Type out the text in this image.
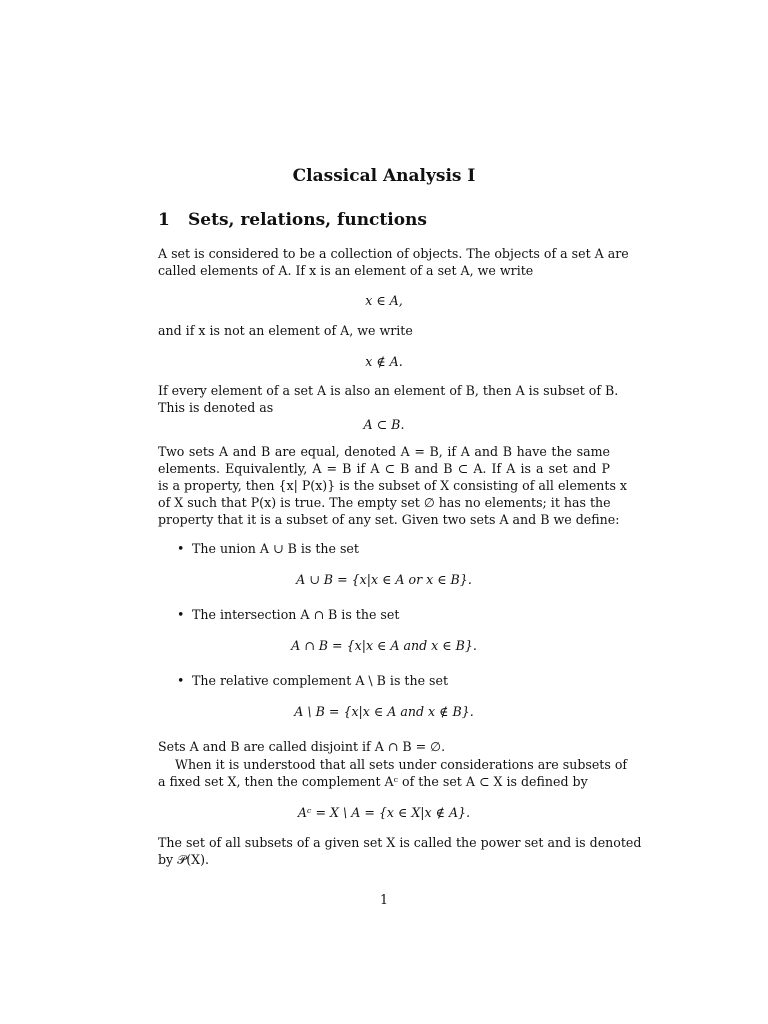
Classical Analysis I
1 Sets, relations, functions
A set is considered to be a collection of objects. The objects of a set A are
called elements of A. If x is an element of a set A, we write
x ∈ A,
and if x is not an element of A, we write
x ∉ A.
If every element of a set A is also an element of B, then A is subset of B.
This is denoted as
A ⊂ B.
Two sets A and B are equal, denoted A = B, if A and B have the same
elements. Equivalently, A = B if A ⊂ B and B ⊂ A. If A is a set and P
is a property, then {x| P(x)} is the subset of X consisting of all elements x
of X such that P(x) is true. The empty set ∅ has no elements; it has the
property that it is a subset of any set. Given two sets A and B we define:
• The union A ∪ B is the set
A ∪ B = {x|x ∈ A or x ∈ B}.
• The intersection A ∩ B is the set
A ∩ B = {x|x ∈ A and x ∈ B}.
• The relative complement A \ B is the set
A \ B = {x|x ∈ A and x ∉ B}.
Sets A and B are called disjoint if A ∩ B = ∅.
When it is understood that all sets under considerations are subsets of
a fixed set X, then the complement Aᶜ of the set A ⊂ X is defined by
Aᶜ = X \ A = {x ∈ X|x ∉ A}.
The set of all subsets of a given set X is called the power set and is denoted
by 𝒫(X).
1
